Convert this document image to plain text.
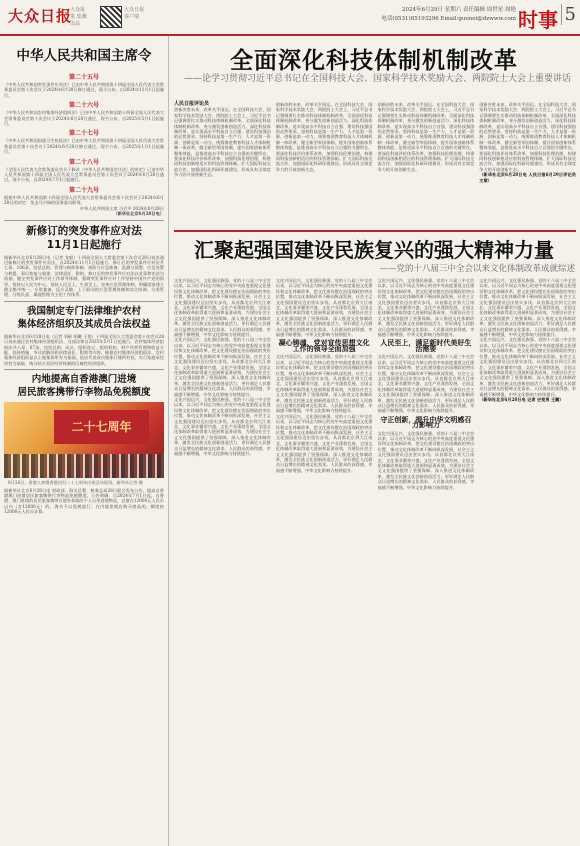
大众日报
大众报業 集團出品
大众日報 客户端
2024年6月29日 星期六 责任编辑 周世星 周艳
电话(0531)85193296 Email:guonei@dzwww.com 时事 5
中华人民共和国主席令
第二十五号
《中华人民共和国突发事件应对法》已由中华人民共和国第十四届全国人民代表大会常务委员会第十次会议于2024年6月28日修订通过，现予公布，自2024年11月1日起施行。
第二十六号
《中华人民共和国农村集体经济组织法》已由中华人民共和国第十四届全国人民代表大会常务委员会第十次会议于2024年6月28日通过，现予公布，自2025年5月1日起施行。
第二十七号
《中华人民共和国国境卫生检疫法》已由中华人民共和国第十四届全国人民代表大会常务委员会第十次会议于2024年6月28日修订通过，现予公布，自2025年1月1日起施行。
第二十八号
《全国人民代表大会常务委员会关于修改〈中华人民共和国会计法〉的决定》已由中华人民共和国第十四届全国人民代表大会常务委员会第十次会议于2024年6月28日通过，现予公布，自2024年7月1日起施行。
第二十九号
根据中华人民共和国第十四届全国人民代表大会常务委员会第十次会议于2024年6月28日的决定：免去马兴瑞的国务委员职务。
中华人民共和国主席 习近平 2024年6月28日
（新华社北京6月28日电）
新修订的突发事件应对法
11月1日起施行
据新华社北京6月28日电（记者 龙毅）十四届全国人大常委会第十次会议28日表决通过新修订的突发事件应对法，自2024年11月1日起施行。修订后的突发事件应对法共七章、106条，包括总则、管理与指挥体制、预防与应急准备、监测与预警、应急处置与救援、事后恢复与重建、法律责任、附则。修订后的突发事件应对法以党章和宪法为依据，健全突发事件应对工作领导体制，强调突发事件应对工作坚持中国共产党的领导，坚持以人民为中心，坚持人民至上、生命至上。完善应急管理体制，明确国家建立健全集中统一、专常兼备、反应灵敏、上下联动的应急管理体制和综合协调、分类管理、分级负责、属地管理为主的工作体系。
我国制定专门法律维护农村
集体经济组织及其成员合法权益
据新华社北京6月28日电（记者 刘硕 胡璐 王悦）十四届全国人大常委会第十次会议28日表决通过农村集体经济组织法。这部法律自2025年5月1日起施行。农村集体经济组织法共八章、67条，包括总则、成员、组织登记、组织机构、财产经营管理和收益分配、扶持措施、争议的解决和法律责任、附则等内容。根据农村集体经济组织法，农村集体经济组织是以土地集体所有为基础，依法代表成员集体行使所有权，实行家庭承包经营为基础、统分结合双层经营体制的区域性经济组织。
内地提高自香港澳门进境
居民旅客携带行李物品免税额度
二十七周年
6月28日，香港人欢聚香港回归二十七周年庆祝活动现场。新华社记者 摄
据新华社北京6月28日电 财政部、海关总署、税务总局28日联合发布公告，提高自香港澳门进境居民旅客携带行李物品免税额度。公告明确，自2024年7月1日起，自香港、澳门进境的居民旅客携带在境外获取的个人自用进境物品，总值在12000元人民币以内（含12000元）的，海关予以免税放行；在内地免税店购买商品的，额度按12000元人民币计算。
全面深化科技体制机制改革
——论学习贯彻习近平总书记在全国科技大会、国家科学技术奖励大会、两院院士大会上重要讲话
人民日报评论员
创新决胜未来，改革关乎国运。在全国科技大会、国家科学技术奖励大会、两院院士大会上，习近平总书记强调要扎实推动科技体制机制改革，全面深化科技体制机制改革，充分激发创新创造活力。深化科技体制改革，是实现高水平科技自立自强、建设科技强国的必然要求。坚持科技是第一生产力、人才是第一资源、创新是第一动力，统筹推进教育科技人才体制机制一体改革，健全新型举国体制，提升国家创新体系整体效能，是推进高水平科技自立自强的关键所在。要深化科技评价体系改革，加强科技伦理治理，构建同科技创新相适应的科技管理体制。扩大国际科技交流合作，加强国际化科研环境建设，形成具有全球竞争力的开放创新生态。
创新决胜未来，改革关乎国运。在全国科技大会、国家科学技术奖励大会、两院院士大会上，习近平总书记强调要扎实推动科技体制机制改革，全面深化科技体制机制改革，充分激发创新创造活力。深化科技体制改革，是实现高水平科技自立自强、建设科技强国的必然要求。坚持科技是第一生产力、人才是第一资源、创新是第一动力，统筹推进教育科技人才体制机制一体改革，健全新型举国体制，提升国家创新体系整体效能，是推进高水平科技自立自强的关键所在。要深化科技评价体系改革，加强科技伦理治理，构建同科技创新相适应的科技管理体制。扩大国际科技交流合作，加强国际化科研环境建设，形成具有全球竞争力的开放创新生态。
创新决胜未来，改革关乎国运。在全国科技大会、国家科学技术奖励大会、两院院士大会上，习近平总书记强调要扎实推动科技体制机制改革，全面深化科技体制机制改革，充分激发创新创造活力。深化科技体制改革，是实现高水平科技自立自强、建设科技强国的必然要求。坚持科技是第一生产力、人才是第一资源、创新是第一动力，统筹推进教育科技人才体制机制一体改革，健全新型举国体制，提升国家创新体系整体效能，是推进高水平科技自立自强的关键所在。要深化科技评价体系改革，加强科技伦理治理，构建同科技创新相适应的科技管理体制。扩大国际科技交流合作，加强国际化科研环境建设，形成具有全球竞争力的开放创新生态。
创新决胜未来，改革关乎国运。在全国科技大会、国家科学技术奖励大会、两院院士大会上，习近平总书记强调要扎实推动科技体制机制改革，全面深化科技体制机制改革，充分激发创新创造活力。深化科技体制改革，是实现高水平科技自立自强、建设科技强国的必然要求。坚持科技是第一生产力、人才是第一资源、创新是第一动力，统筹推进教育科技人才体制机制一体改革，健全新型举国体制，提升国家创新体系整体效能，是推进高水平科技自立自强的关键所在。要深化科技评价体系改革，加强科技伦理治理，构建同科技创新相适应的科技管理体制。扩大国际科技交流合作，加强国际化科研环境建设，形成具有全球竞争力的开放创新生态。
（新华社北京6月28日电 人民日报6月29日评论员文章）
汇聚起强国建设民族复兴的强大精神力量
——党的十八届三中全会以来文化体制改革成就综述
文化兴国运兴，文化强民族强。党的十八届三中全会以来，以习近平同志为核心的党中央高度重视文化建设和文化体制改革，把文化建设摆在治国理政的突出位置，推动文化体制改革不断向纵深发展，社会主义文化强国建设迈出坚实步伐。从首都北京到大江南北，文化事业繁荣兴盛，文化产业蓬勃发展，全国文化体制改革取得重大进展和显著成效，为建设社会主义文化强国提供了坚强保障。深入推进文化体制改革，激发全民族文化创新创造活力，更好满足人民群众日益增长的精神文化需求。人民群众的获得感、幸福感不断增强，中华文化影响力持续提升。
文化兴国运兴，文化强民族强。党的十八届三中全会以来，以习近平同志为核心的党中央高度重视文化建设和文化体制改革，把文化建设摆在治国理政的突出位置，推动文化体制改革不断向纵深发展，社会主义文化强国建设迈出坚实步伐。从首都北京到大江南北，文化事业繁荣兴盛，文化产业蓬勃发展，全国文化体制改革取得重大进展和显著成效，为建设社会主义文化强国提供了坚强保障。深入推进文化体制改革，激发全民族文化创新创造活力，更好满足人民群众日益增长的精神文化需求。人民群众的获得感、幸福感不断增强，中华文化影响力持续提升。
文化兴国运兴，文化强民族强。党的十八届三中全会以来，以习近平同志为核心的党中央高度重视文化建设和文化体制改革，把文化建设摆在治国理政的突出位置，推动文化体制改革不断向纵深发展，社会主义文化强国建设迈出坚实步伐。从首都北京到大江南北，文化事业繁荣兴盛，文化产业蓬勃发展，全国文化体制改革取得重大进展和显著成效，为建设社会主义文化强国提供了坚强保障。深入推进文化体制改革，激发全民族文化创新创造活力，更好满足人民群众日益增长的精神文化需求。人民群众的获得感、幸福感不断增强，中华文化影响力持续提升。
文化兴国运兴，文化强民族强。党的十八届三中全会以来，以习近平同志为核心的党中央高度重视文化建设和文化体制改革，把文化建设摆在治国理政的突出位置，推动文化体制改革不断向纵深发展，社会主义文化强国建设迈出坚实步伐。从首都北京到大江南北，文化事业繁荣兴盛，文化产业蓬勃发展，全国文化体制改革取得重大进展和显著成效，为建设社会主义文化强国提供了坚强保障。深入推进文化体制改革，激发全民族文化创新创造活力，更好满足人民群众日益增长的精神文化需求。人民群众的获得感、幸福感不断增强，中华文化影响力持续提升。
凝心铸魂，党对宣传思想文化工作的领导全面加强
文化兴国运兴，文化强民族强。党的十八届三中全会以来，以习近平同志为核心的党中央高度重视文化建设和文化体制改革，把文化建设摆在治国理政的突出位置，推动文化体制改革不断向纵深发展，社会主义文化强国建设迈出坚实步伐。从首都北京到大江南北，文化事业繁荣兴盛，文化产业蓬勃发展，全国文化体制改革取得重大进展和显著成效，为建设社会主义文化强国提供了坚强保障。深入推进文化体制改革，激发全民族文化创新创造活力，更好满足人民群众日益增长的精神文化需求。人民群众的获得感、幸福感不断增强，中华文化影响力持续提升。
文化兴国运兴，文化强民族强。党的十八届三中全会以来，以习近平同志为核心的党中央高度重视文化建设和文化体制改革，把文化建设摆在治国理政的突出位置，推动文化体制改革不断向纵深发展，社会主义文化强国建设迈出坚实步伐。从首都北京到大江南北，文化事业繁荣兴盛，文化产业蓬勃发展，全国文化体制改革取得重大进展和显著成效，为建设社会主义文化强国提供了坚强保障。深入推进文化体制改革，激发全民族文化创新创造活力，更好满足人民群众日益增长的精神文化需求。人民群众的获得感、幸福感不断增强，中华文化影响力持续提升。
文化兴国运兴，文化强民族强。党的十八届三中全会以来，以习近平同志为核心的党中央高度重视文化建设和文化体制改革，把文化建设摆在治国理政的突出位置，推动文化体制改革不断向纵深发展，社会主义文化强国建设迈出坚实步伐。从首都北京到大江南北，文化事业繁荣兴盛，文化产业蓬勃发展，全国文化体制改革取得重大进展和显著成效，为建设社会主义文化强国提供了坚强保障。深入推进文化体制改革，激发全民族文化创新创造活力，更好满足人民群众日益增长的精神文化需求。人民群众的获得感、幸福感不断增强，中华文化影响力持续提升。
人民至上，满足新时代美好生活需要
文化兴国运兴，文化强民族强。党的十八届三中全会以来，以习近平同志为核心的党中央高度重视文化建设和文化体制改革，把文化建设摆在治国理政的突出位置，推动文化体制改革不断向纵深发展，社会主义文化强国建设迈出坚实步伐。从首都北京到大江南北，文化事业繁荣兴盛，文化产业蓬勃发展，全国文化体制改革取得重大进展和显著成效，为建设社会主义文化强国提供了坚强保障。深入推进文化体制改革，激发全民族文化创新创造活力，更好满足人民群众日益增长的精神文化需求。人民群众的获得感、幸福感不断增强，中华文化影响力持续提升。
守正创新，提升中华文明感召力影响力
文化兴国运兴，文化强民族强。党的十八届三中全会以来，以习近平同志为核心的党中央高度重视文化建设和文化体制改革，把文化建设摆在治国理政的突出位置，推动文化体制改革不断向纵深发展，社会主义文化强国建设迈出坚实步伐。从首都北京到大江南北，文化事业繁荣兴盛，文化产业蓬勃发展，全国文化体制改革取得重大进展和显著成效，为建设社会主义文化强国提供了坚强保障。深入推进文化体制改革，激发全民族文化创新创造活力，更好满足人民群众日益增长的精神文化需求。人民群众的获得感、幸福感不断增强，中华文化影响力持续提升。
文化兴国运兴，文化强民族强。党的十八届三中全会以来，以习近平同志为核心的党中央高度重视文化建设和文化体制改革，把文化建设摆在治国理政的突出位置，推动文化体制改革不断向纵深发展，社会主义文化强国建设迈出坚实步伐。从首都北京到大江南北，文化事业繁荣兴盛，文化产业蓬勃发展，全国文化体制改革取得重大进展和显著成效，为建设社会主义文化强国提供了坚强保障。深入推进文化体制改革，激发全民族文化创新创造活力，更好满足人民群众日益增长的精神文化需求。人民群众的获得感、幸福感不断增强，中华文化影响力持续提升。
文化兴国运兴，文化强民族强。党的十八届三中全会以来，以习近平同志为核心的党中央高度重视文化建设和文化体制改革，把文化建设摆在治国理政的突出位置，推动文化体制改革不断向纵深发展，社会主义文化强国建设迈出坚实步伐。从首都北京到大江南北，文化事业繁荣兴盛，文化产业蓬勃发展，全国文化体制改革取得重大进展和显著成效，为建设社会主义文化强国提供了坚强保障。深入推进文化体制改革，激发全民族文化创新创造活力，更好满足人民群众日益增长的精神文化需求。人民群众的获得感、幸福感不断增强，中华文化影响力持续提升。
（新华社北京6月28日电 记者 史竞男 王鹏）
